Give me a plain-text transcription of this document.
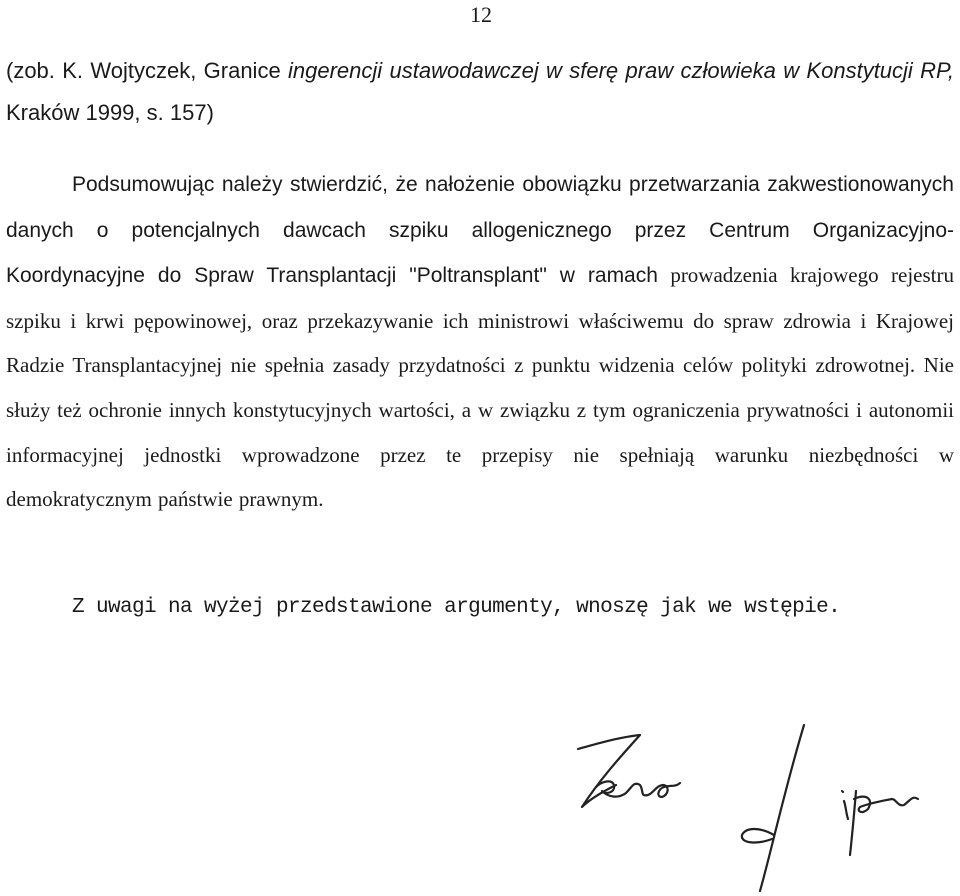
12
(zob. K. Wojtyczek, Granice ingerencji ustawodawczej w sferę praw człowieka w Konstytucji RP, Kraków 1999, s. 157)
Podsumowując należy stwierdzić, że nałożenie obowiązku przetwarzania zakwestionowanych danych o potencjalnych dawcach szpiku allogenicznego przez Centrum Organizacyjno-Koordynacyjne do Spraw Transplantacji "Poltransplant" w ramach prowadzenia krajowego rejestru szpiku i krwi pępowinowej, oraz przekazywanie ich ministrowi właściwemu do spraw zdrowia i Krajowej Radzie Transplantacyjnej nie spełnia zasady przydatności z punktu widzenia celów polityki zdrowotnej. Nie służy też ochronie innych konstytucyjnych wartości, a w związku z tym ograniczenia prywatności i autonomii informacyjnej jednostki wprowadzone przez te przepisy nie spełniają warunku niezbędności w demokratycznym państwie prawnym.
Z uwagi na wyżej przedstawione argumenty, wnoszę jak we wstępie.
